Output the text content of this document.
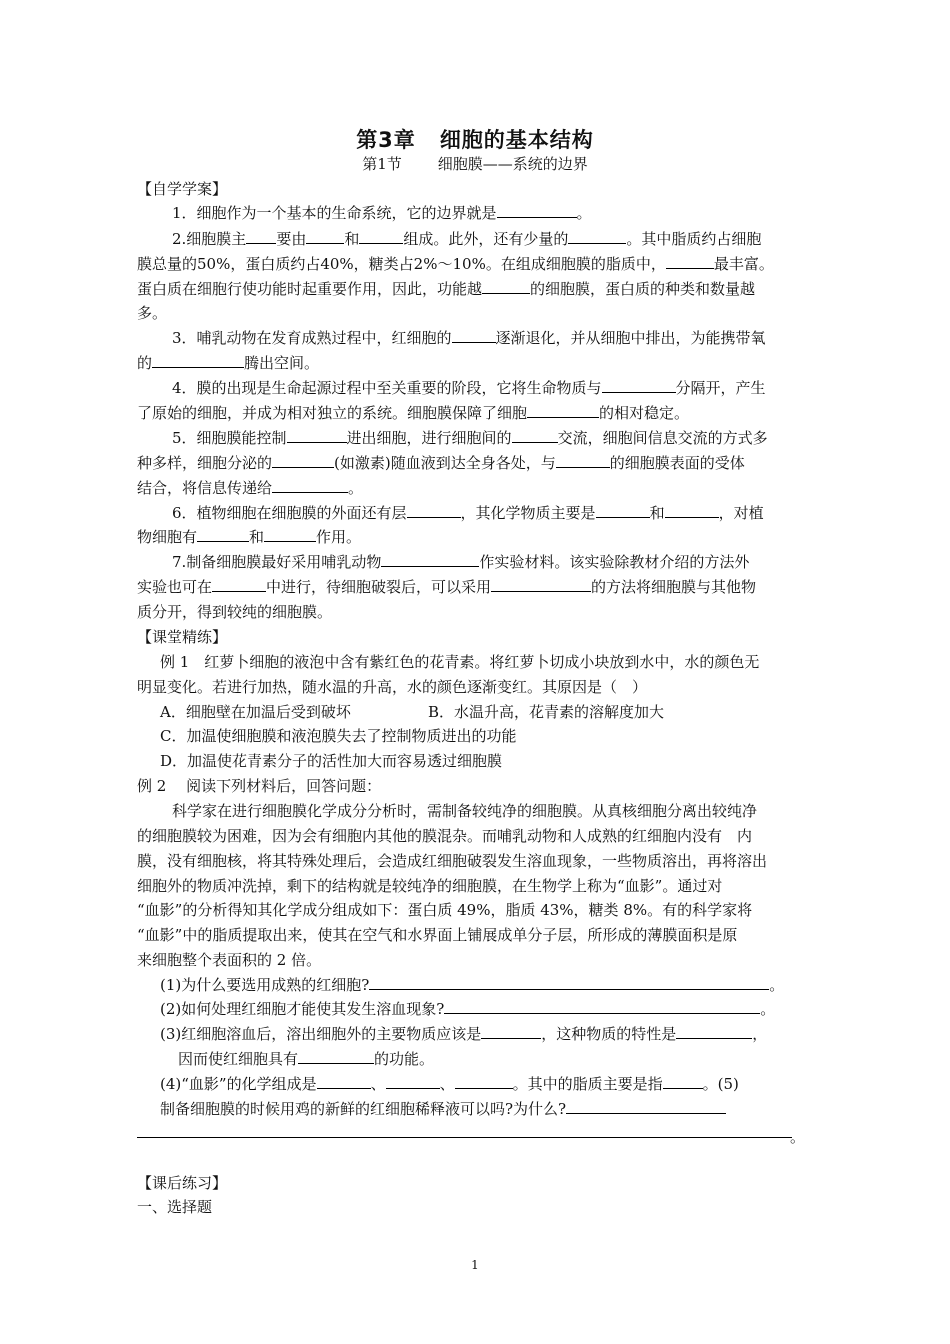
第3章 细胞的基本结构
第1节 细胞膜——系统的边界
【自学学案】
1．细胞作为一个基本的生命系统，它的边界就是	。
2.细胞膜主 要由	和	组成。此外，还有少量的	。其中脂质约占细胞
膜总量的50%，蛋白质约占40%，糖类占2%～10%。在组成细胞膜的脂质中，	最丰富。
蛋白质在细胞行使功能时起重要作用，因此，功能越	的细胞膜，蛋白质的种类和数量越
多。
3．哺乳动物在发育成熟过程中，红细胞的	逐渐退化，并从细胞中排出，为能携带氧
的	腾出空间。
4．膜的出现是生命起源过程中至关重要的阶段，它将生命物质与	分隔开，产生
了原始的细胞，并成为相对独立的系统。细胞膜保障了细胞	的相对稳定。
5．细胞膜能控制	进出细胞，进行细胞间的	交流，细胞间信息交流的方式多
种多样，细胞分泌的	(如激素)随血液到达全身各处，与	的细胞膜表面的受体
结合，将信息传递给	。
6．植物细胞在细胞膜的外面还有层	，其化学物质主要是	和	，对植
物细胞有	和	作用。
7.制备细胞膜最好采用哺乳动物	作实验材料。该实验除教材介绍的方法外
实验也可在	中进行，待细胞破裂后，可以采用	的方法将细胞膜与其他物
质分开，得到较纯的细胞膜。
【课堂精练】
例 1　红萝卜细胞的液泡中含有紫红色的花青素。将红萝卜切成小块放到水中，水的颜色无
明显变化。若进行加热，随水温的升高，水的颜色逐渐变红。其原因是（　）
A．细胞壁在加温后受到破坏	B．水温升高，花青素的溶解度加大
C．加温使细胞膜和液泡膜失去了控制物质进出的功能
D．加温使花青素分子的活性加大而容易透过细胞膜
例 2　 阅读下列材料后，回答问题：
科学家在进行细胞膜化学成分分析时，需制备较纯净的细胞膜。从真核细胞分离出较纯净
的细胞膜较为困难，因为会有细胞内其他的膜混杂。而哺乳动物和人成熟的红细胞内没有　内
膜，没有细胞核，将其特殊处理后，会造成红细胞破裂发生溶血现象，一些物质溶出，再将溶出
细胞外的物质冲洗掉，剩下的结构就是较纯净的细胞膜，在生物学上称为“血影”。通过对
“血影”的分析得知其化学成分组成如下：蛋白质 49%，脂质 43%，糖类 8%。有的科学家将
“血影”中的脂质提取出来，使其在空气和水界面上铺展成单分子层，所形成的薄膜面积是原
来细胞整个表面积的 2 倍。
(1)为什么要选用成熟的红细胞?	。
(2)如何处理红细胞才能使其发生溶血现象?	。
(3)红细胞溶血后，溶出细胞外的主要物质应该是	，这种物质的特性是	，
因而使红细胞具有	的功能。
(4)“血影”的化学组成是	、	、	。其中的脂质主要是指	。(5)
制备细胞膜的时候用鸡的新鲜的红细胞稀释液可以吗?为什么?
。
【课后练习】
一、选择题
1
